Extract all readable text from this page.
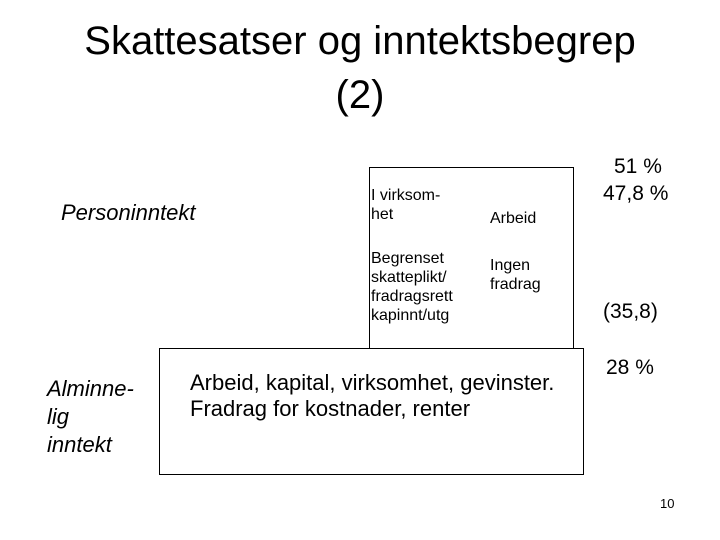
Skattesatser og inntektsbegrep
(2)
Personinntekt
I virksom-
het	Arbeid
Begrenset
skatteplikt/
fradragsrett
kapinnt/utg
Ingen
fradrag
Arbeid, kapital, virksomhet, gevinster.
Fradrag for kostnader, renter
Alminne-
lig
inntekt
51 %
47,8 %
(35,8)
28 %
10
